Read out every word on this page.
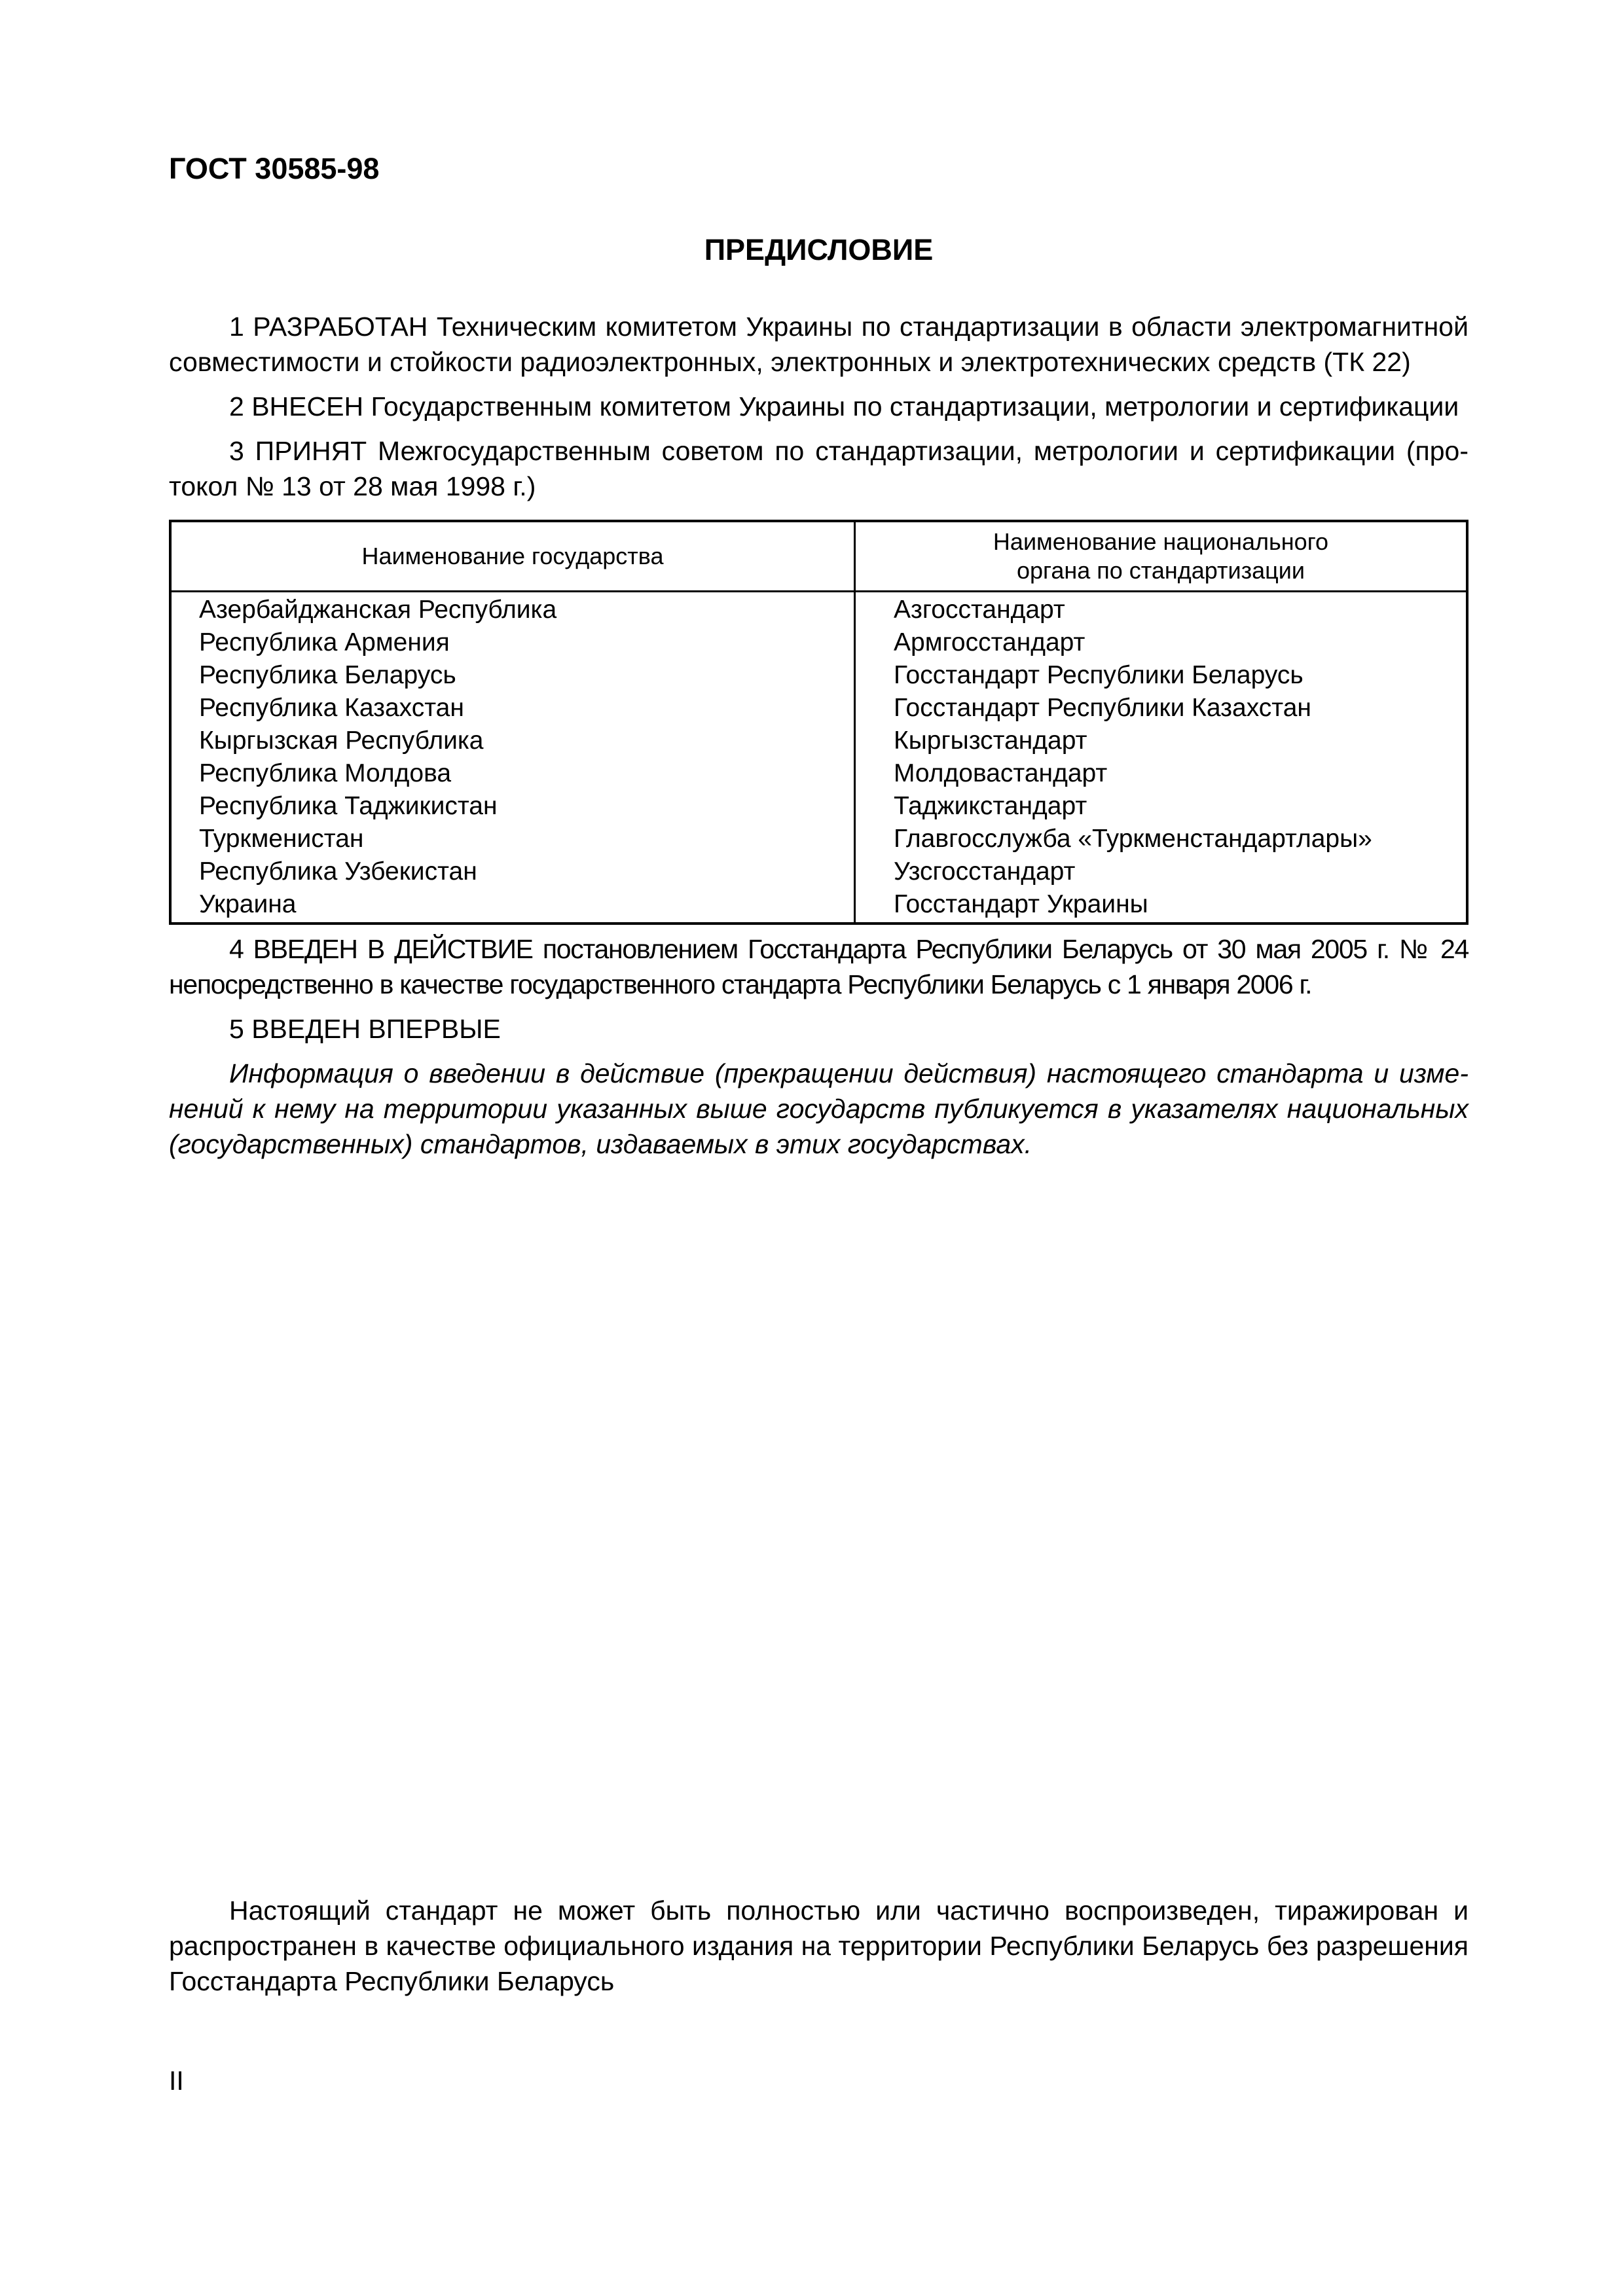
ГОСТ 30585-98
ПРЕДИСЛОВИЕ

1 РАЗРАБОТАН Техническим комитетом Украины по стандартизации в области электромагнитной совместимости и стойкости радиоэлектронных, электронных и электротехнических средств (ТК 22)

2 ВНЕСЕН Государственным комитетом Украины по стандартизации, метрологии и сертификации

3 ПРИНЯТ Межгосударственным советом по стандартизации, метрологии и сертификации (протокол № 13 от 28 мая 1998 г.)

Наименование государства	Наименование национального
органа по стандартизации
Азербайджанская Республика	Азгосстандарт
Республика Армения	Армгосстандарт
Республика Беларусь	Госстандарт Республики Беларусь
Республика Казахстан	Госстандарт Республики Казахстан
Кыргызская Республика	Кыргызстандарт
Республика Молдова	Молдовастандарт
Республика Таджикистан	Таджикстандарт
Туркменистан	Главгосслужба «Туркменстандартлары»
Республика Узбекистан	Узсгосстандарт
Украина	Госстандарт Украины

4 ВВЕДЕН В ДЕЙСТВИЕ постановлением Госстандарта Республики Беларусь от 30 мая 2005 г. № 24 непосредственно в качестве государственного стандарта Республики Беларусь с 1 января 2006 г.

5 ВВЕДЕН ВПЕРВЫЕ

Информация о введении в действие (прекращении действия) настоящего стандарта и изменений к нему на территории указанных выше государств публикуется в указателях национальных (государственных) стандартов, издаваемых в этих государствах.

Настоящий стандарт не может быть полностью или частично воспроизведен, тиражирован и распространен в качестве официального издания на территории Республики Беларусь без разрешения Госстандарта Республики Беларусь

II
